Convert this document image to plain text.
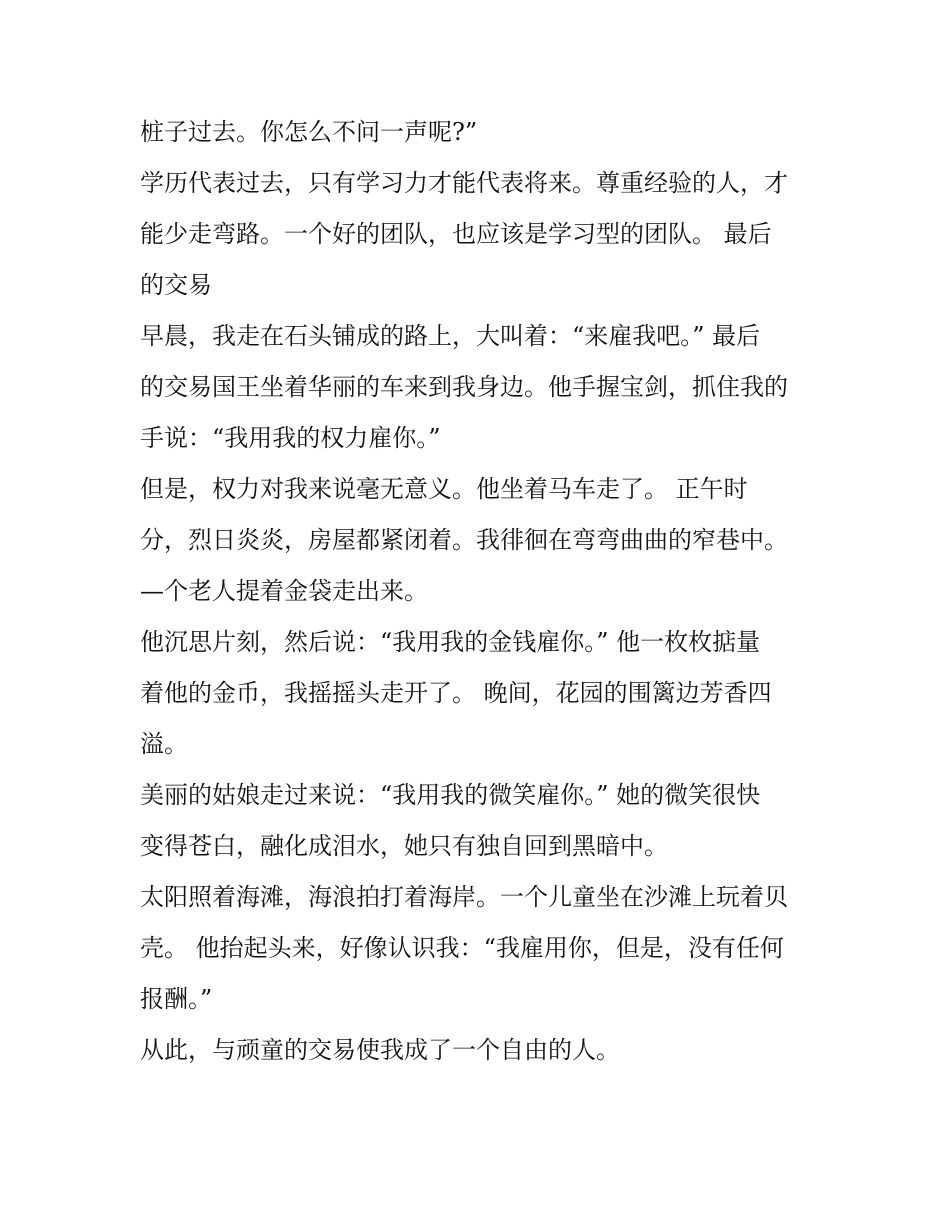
桩子过去。你怎么不问一声呢?”
学历代表过去，只有学习力才能代表将来。尊重经验的人，才
能少走弯路。一个好的团队，也应该是学习型的团队。 最后
的交易
早晨，我走在石头铺成的路上，大叫着：“来雇我吧。” 最后
的交易国王坐着华丽的车来到我身边。他手握宝剑，抓住我的
手说：“我用我的权力雇你。”
但是，权力对我来说毫无意义。他坐着马车走了。 正午时
分，烈日炎炎，房屋都紧闭着。我徘徊在弯弯曲曲的窄巷中。
—个老人提着金袋走出来。
他沉思片刻，然后说：“我用我的金钱雇你。” 他一枚枚掂量
着他的金币，我摇摇头走开了。 晚间，花园的围篱边芳香四
溢。
美丽的姑娘走过来说：“我用我的微笑雇你。” 她的微笑很快
变得苍白，融化成泪水，她只有独自回到黑暗中。
太阳照着海滩，海浪拍打着海岸。一个儿童坐在沙滩上玩着贝
壳。 他抬起头来，好像认识我：“我雇用你，但是，没有任何
报酬。”
从此，与顽童的交易使我成了一个自由的人。
